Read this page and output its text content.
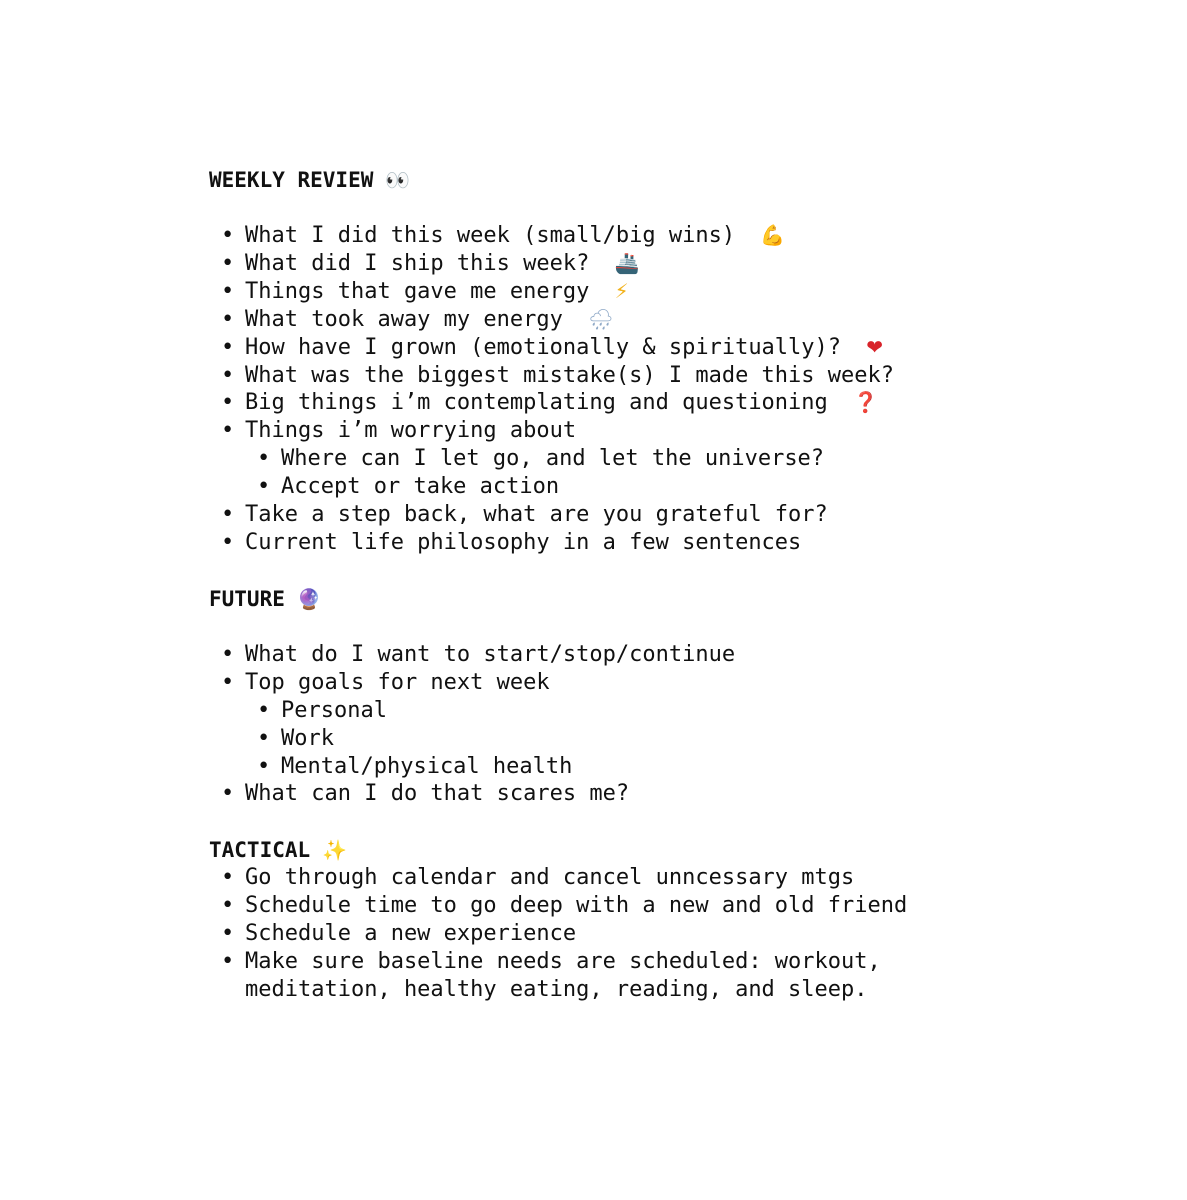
WEEKLY REVIEW 👀
• What I did this week (small/big wins) 💪
• What did I ship this week? 🚢
• Things that gave me energy ⚡
• What took away my energy 🌧
• How have I grown (emotionally & spiritually)? ❤
• What was the biggest mistake(s) I made this week?
• Big things i’m contemplating and questioning ❓
• Things i’m worrying about
• Where can I let go, and let the universe?
• Accept or take action
• Take a step back, what are you grateful for?
• Current life philosophy in a few sentences
FUTURE 🔮
• What do I want to start/stop/continue
• Top goals for next week
• Personal
• Work
• Mental/physical health
• What can I do that scares me?
TACTICAL ✨
• Go through calendar and cancel unncessary mtgs
• Schedule time to go deep with a new and old friend
• Schedule a new experience
• Make sure baseline needs are scheduled: workout, meditation, healthy eating, reading, and sleep.
